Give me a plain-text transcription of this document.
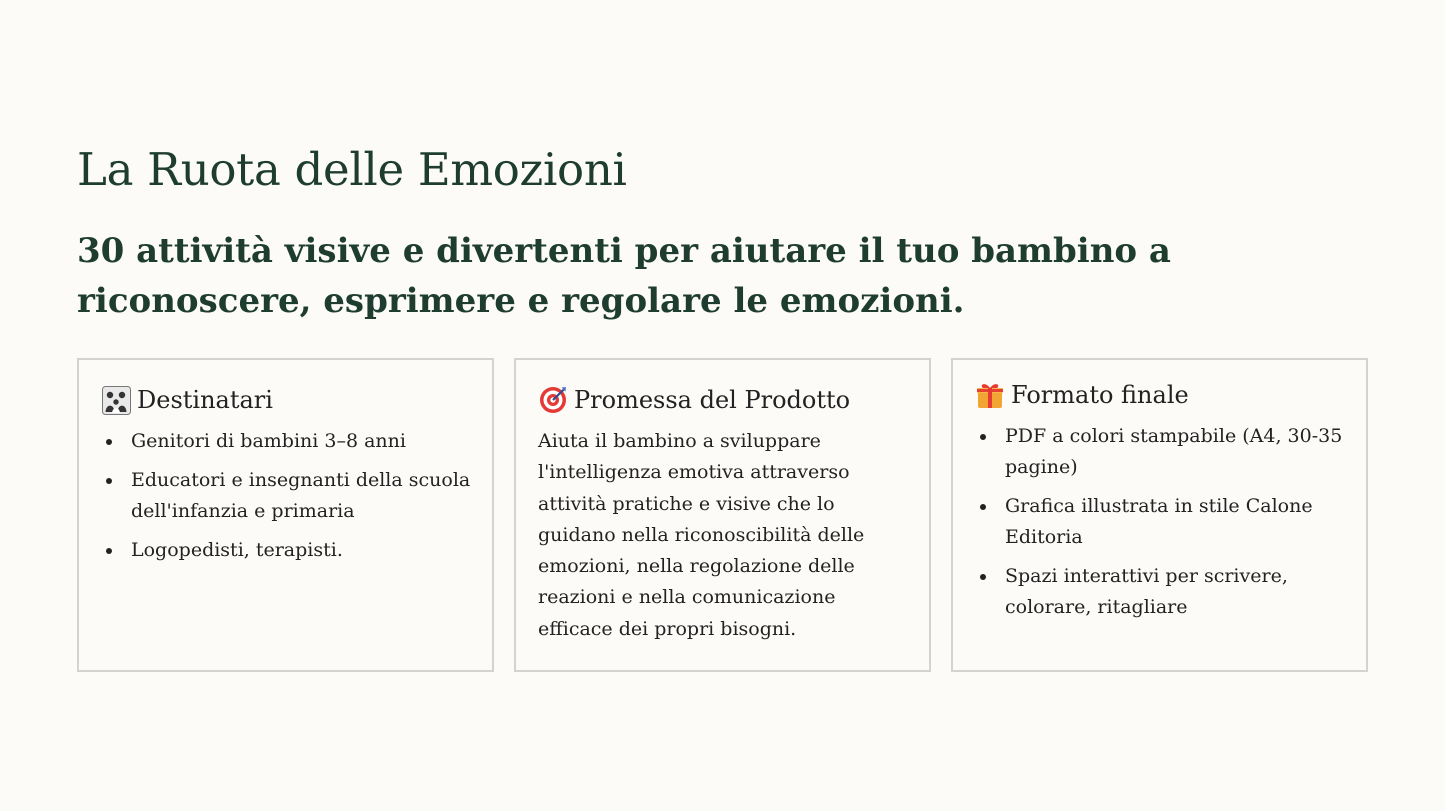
La Ruota delle Emozioni
30 attività visive e divertenti per aiutare il tuo bambino a riconoscere, esprimere e regolare le emozioni.
Destinatari
Genitori di bambini 3–8 anni
Educatori e insegnanti della scuola dell'infanzia e primaria
Logopedisti, terapisti.
Promessa del Prodotto

Aiuta il bambino a sviluppare l'intelligenza emotiva attraverso attività pratiche e visive che lo guidano nella riconoscibilità delle emozioni, nella regolazione delle reazioni e nella comunicazione efficace dei propri bisogni.

Formato finale
PDF a colori stampabile (A4, 30-35 pagine)
Grafica illustrata in stile Calone Editoria
Spazi interattivi per scrivere, colorare, ritagliare
